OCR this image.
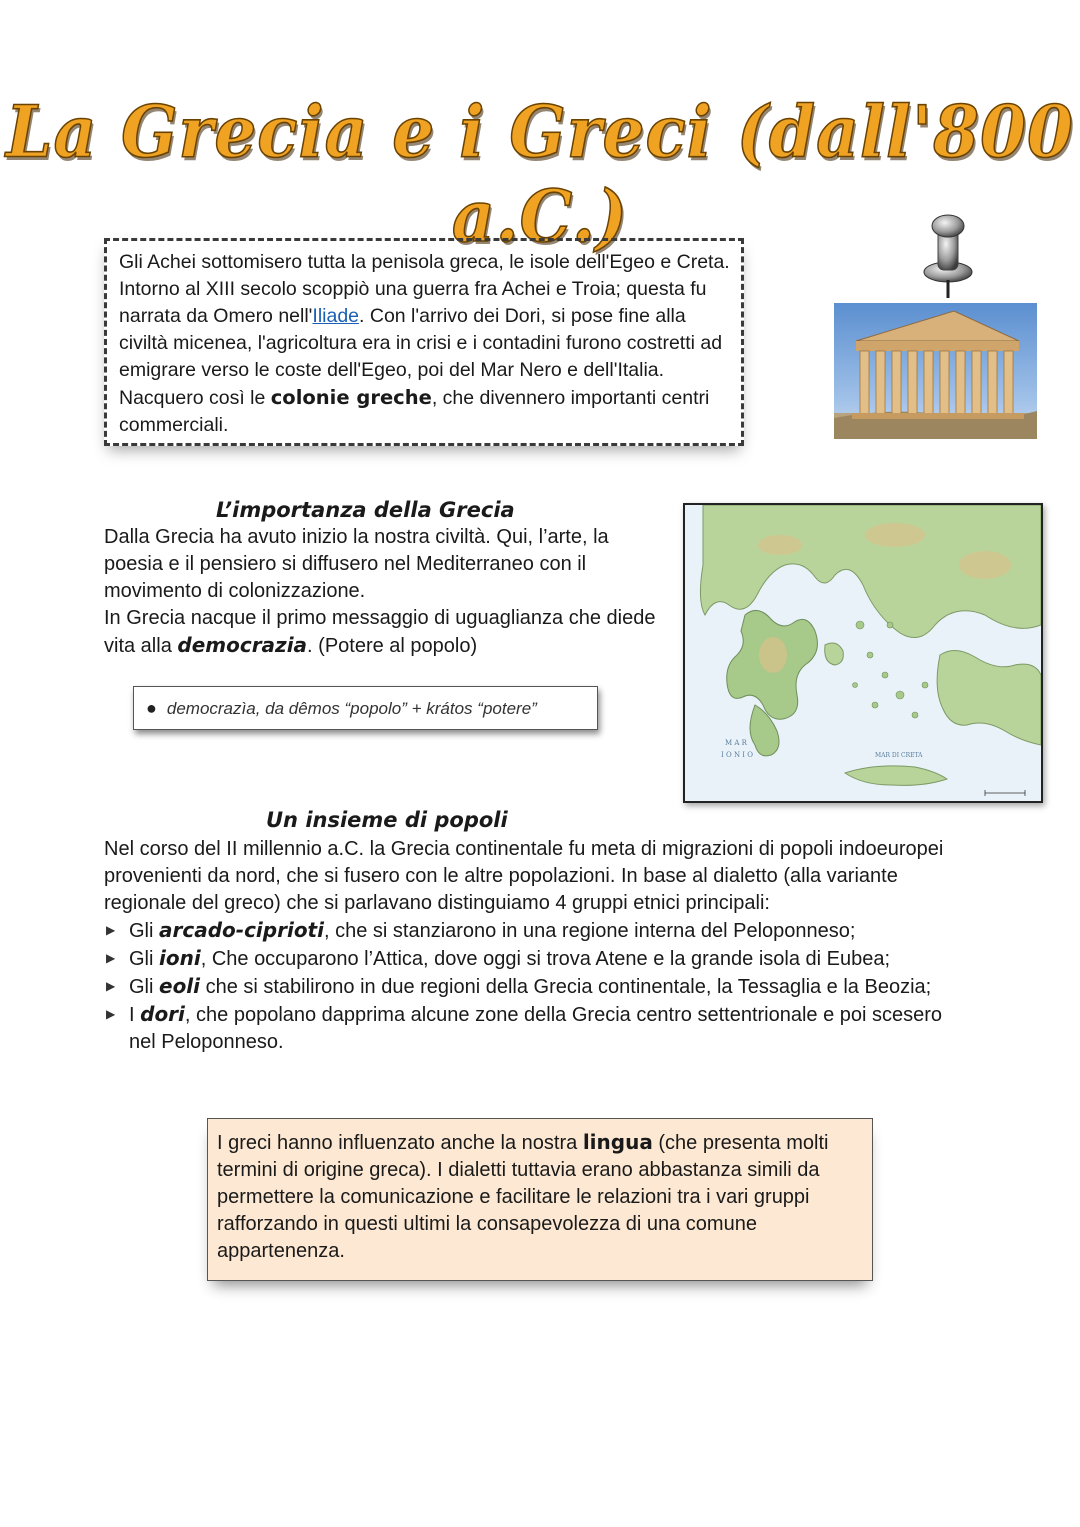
La Grecia e i Greci (dall'800 a.C.)

Gli Achei sottomisero tutta la penisola greca, le isole dell'Egeo e Creta. Intorno al XIII secolo scoppiò una guerra fra Achei e Troia; questa fu narrata da Omero nell'Iliade. Con l'arrivo dei Dori, si pose fine alla civiltà micenea, l'agricoltura era in crisi e i contadini furono costretti ad emigrare verso le coste dell'Egeo, poi del Mar Nero e dell'Italia. Nacquero così le colonie greche, che divennero importanti centri commerciali.

L’importanza della Grecia

Dalla Grecia ha avuto inizio la nostra civiltà. Qui, l’arte, la poesia e il pensiero si diffusero nel Mediterraneo con il movimento di colonizzazione.

In Grecia nacque il primo messaggio di uguaglianza che diede vita alla democrazia. (Potere al popolo)

● democrazìa, da dêmos “popolo” + krátos “potere”
M A R
I O N I O	MAR DI CRETA
Un insieme di popoli

Nel corso del II millennio a.C. la Grecia continentale fu meta di migrazioni di popoli indoeuropei provenienti da nord, che si fusero con le altre popolazioni. In base al dialetto (alla variante regionale del greco) che si parlavano distinguiamo 4 gruppi etnici principali:

▶ Gli arcado-ciprioti, che si stanziarono in una regione interna del Peloponneso;
▶ Gli ioni, Che occuparono l’Attica, dove oggi si trova Atene e la grande isola di Eubea;
▶ Gli eoli che si stabilirono in due regioni della Grecia continentale, la Tessaglia e la Beozia;
▶ I dori, che popolano dapprima alcune zone della Grecia centro settentrionale e poi scesero nel Peloponneso.

I greci hanno influenzato anche la nostra lingua (che presenta molti termini di origine greca). I dialetti tuttavia erano abbastanza simili da permettere la comunicazione e facilitare le relazioni tra i vari gruppi rafforzando in questi ultimi la consapevolezza di una comune appartenenza.
